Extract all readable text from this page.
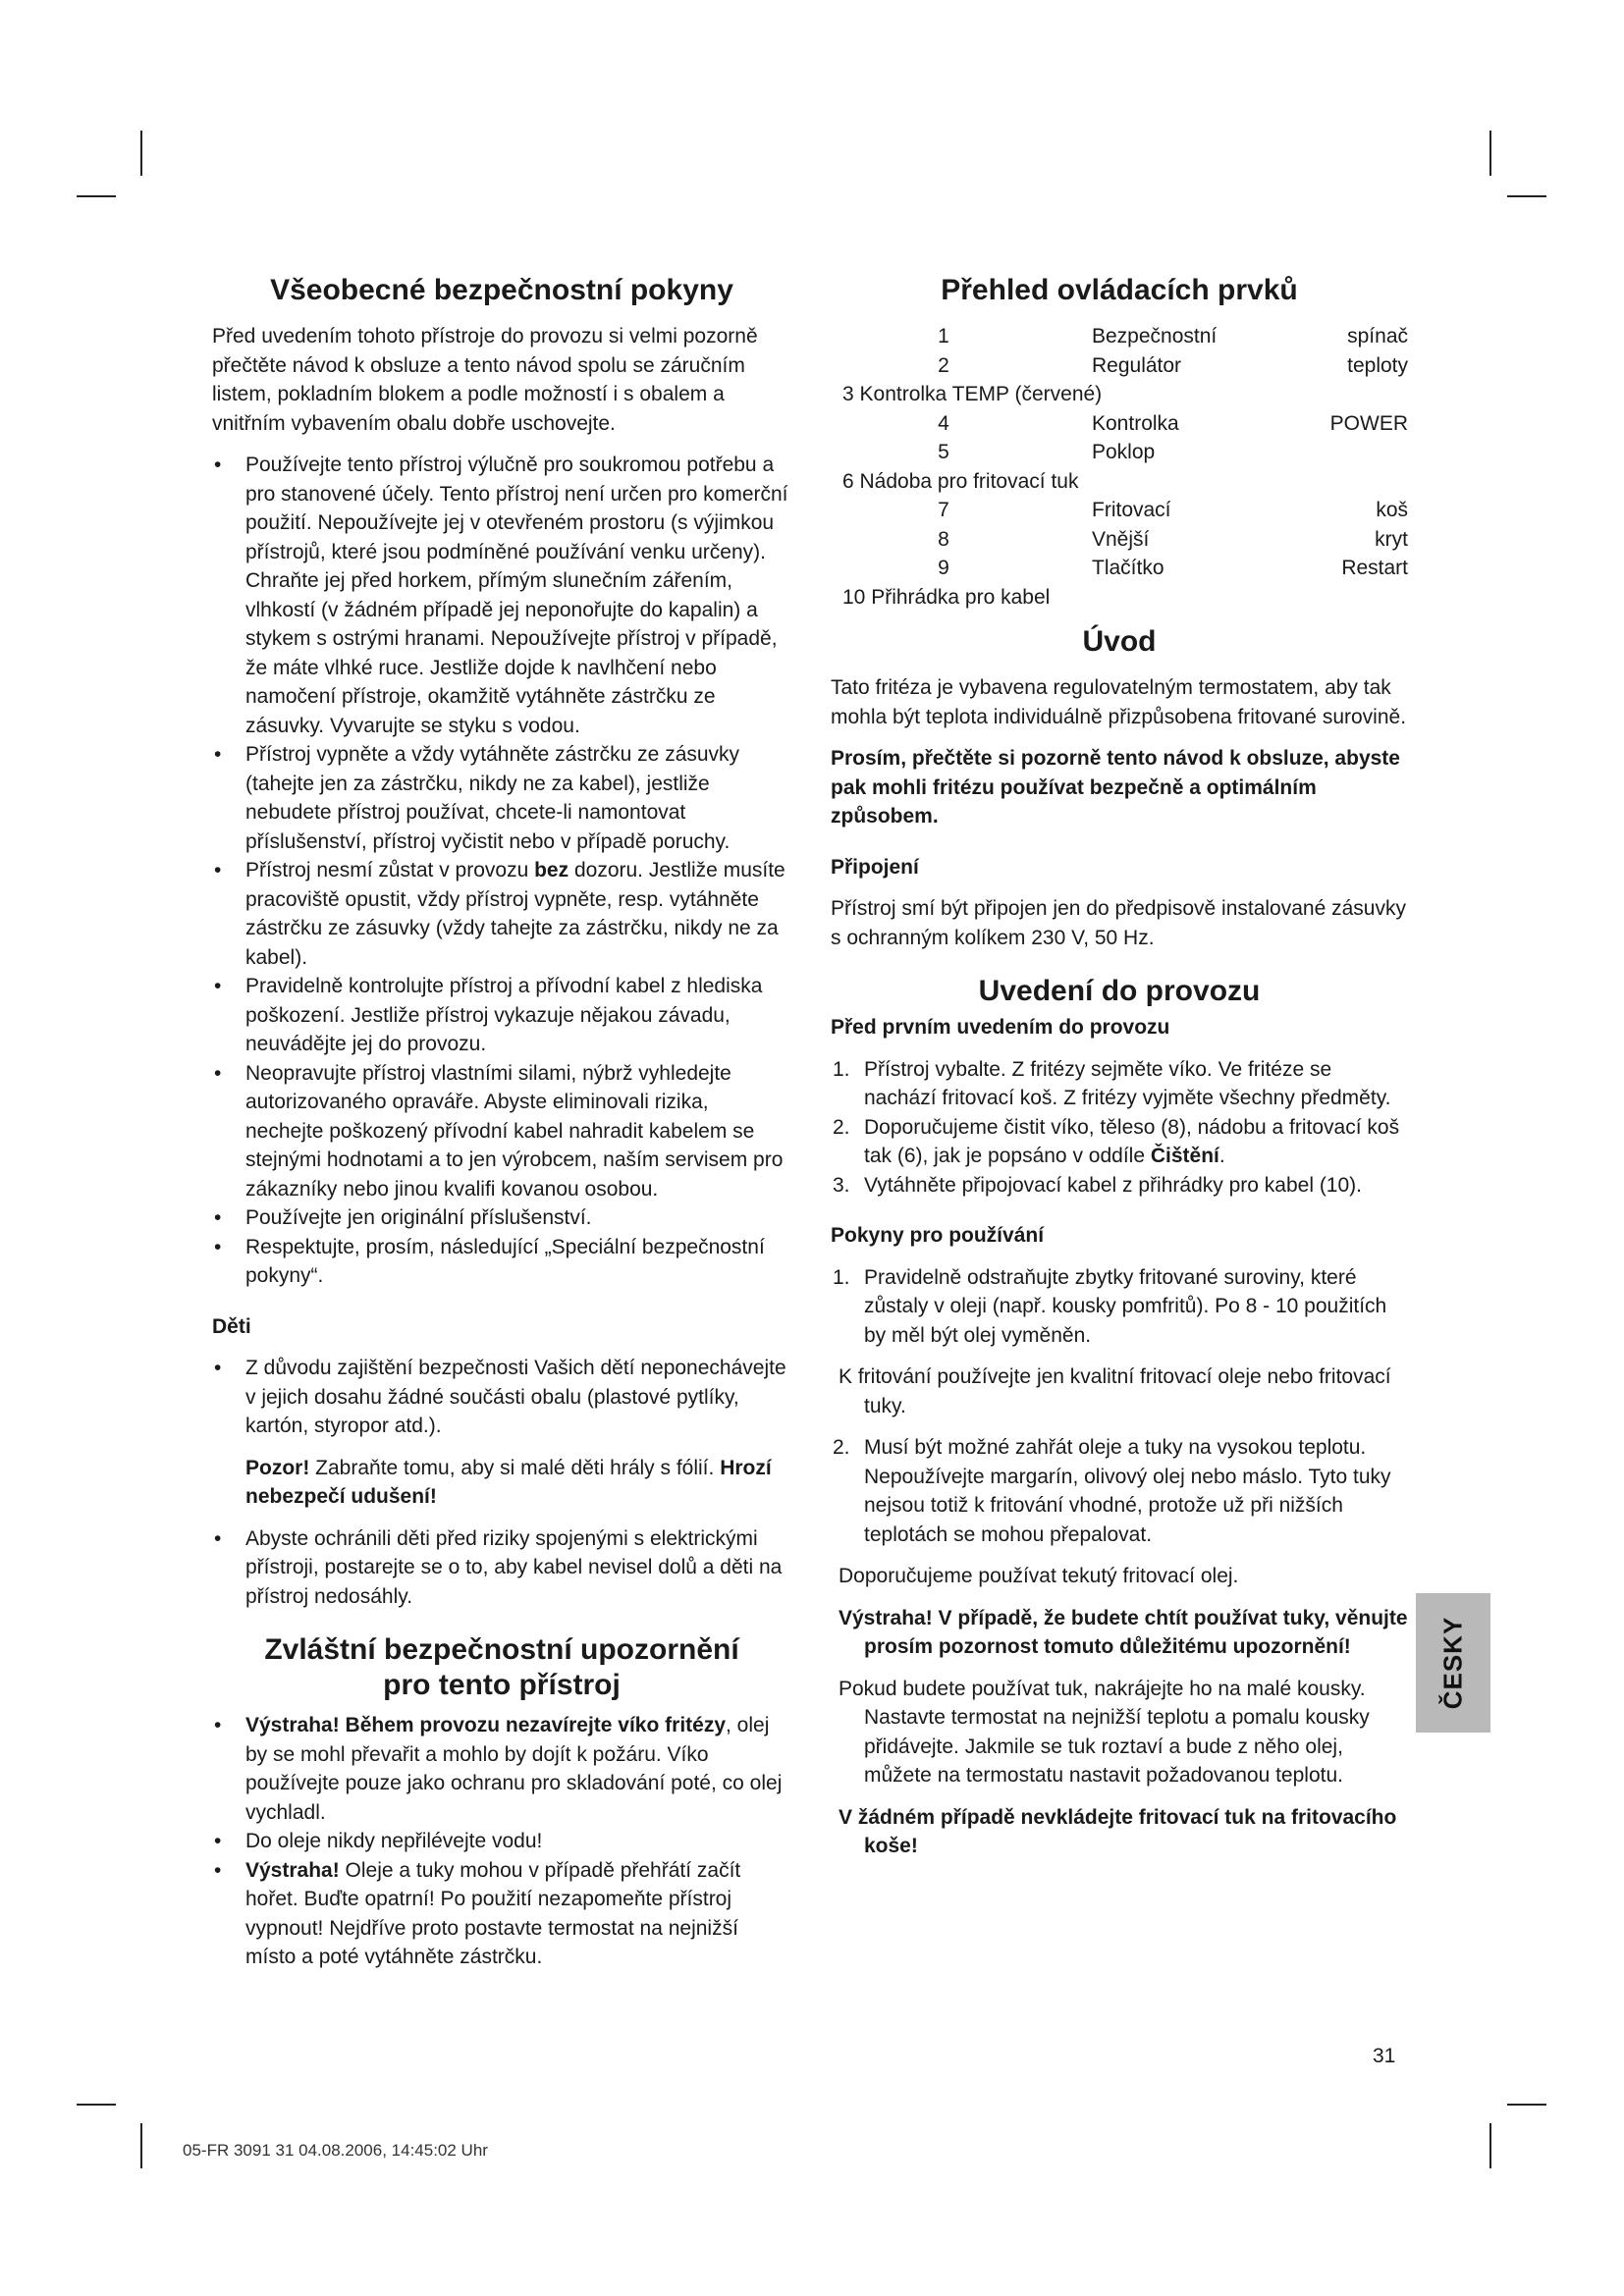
Všeobecné bezpečnostní pokyny

Před uvedením tohoto přístroje do provozu si velmi pozorně přečtěte návod k obsluze a tento návod spolu se záručním listem, pokladním blokem a podle možností i s obalem a vnitřním vybavením obalu dobře uschovejte.

• Používejte tento přístroj výlučně pro soukromou potřebu a pro stanovené účely. Tento přístroj není určen pro komerční použití. Nepoužívejte jej v otevřeném prostoru (s výjimkou přístrojů, které jsou podmíněné používání venku určeny). Chraňte jej před horkem, přímým slunečním zářením, vlhkostí (v žádném případě jej neponořujte do kapalin) a stykem s ostrými hranami. Nepoužívejte přístroj v případě, že máte vlhké ruce. Jestliže dojde k navlhčení nebo namočení přístroje, okamžitě vytáhněte zástrčku ze zásuvky. Vyvarujte se styku s vodou.
• Přístroj vypněte a vždy vytáhněte zástrčku ze zásuvky (tahejte jen za zástrčku, nikdy ne za kabel), jestliže nebudete přístroj používat, chcete-li namontovat příslušenství, přístroj vyčistit nebo v případě poruchy.
• Přístroj nesmí zůstat v provozu bez dozoru. Jestliže musíte pracoviště opustit, vždy přístroj vypněte, resp. vytáhněte zástrčku ze zásuvky (vždy tahejte za zástrčku, nikdy ne za kabel).
• Pravidelně kontrolujte přístroj a přívodní kabel z hlediska poškození. Jestliže přístroj vykazuje nějakou závadu, neuvádějte jej do provozu.
• Neopravujte přístroj vlastními silami, nýbrž vyhledejte autorizovaného opraváře. Abyste eliminovali rizika, nechejte poškozený přívodní kabel nahradit kabelem se stejnými hodnotami a to jen výrobcem, naším servisem pro zákazníky nebo jinou kvalifi kovanou osobou.
• Používejte jen originální příslušenství.
• Respektujte, prosím, následující „Speciální bezpečnostní pokyny“.
Děti
• Z důvodu zajištění bezpečnosti Vašich dětí neponechávejte v jejich dosahu žádné součásti obalu (plastové pytlíky, kartón, styropor atd.).

Pozor! Zabraňte tomu, aby si malé děti hrály s fólií. Hrozí nebezpečí udušení!

• Abyste ochránili děti před riziky spojenými s elektrickými přístroji, postarejte se o to, aby kabel nevisel dolů a děti na přístroj nedosáhly.
Zvláštní bezpečnostní upozornění
pro tento přístroj
• Výstraha! Během provozu nezavírejte víko fritézy, olej by se mohl převařit a mohlo by dojít k požáru. Víko používejte pouze jako ochranu pro skladování poté, co olej vychladl.
• Do oleje nikdy nepřilévejte vodu!
• Výstraha! Oleje a tuky mohou v případě přehřátí začít hořet. Buďte opatrní! Po použití nezapomeňte přístroj vypnout! Nejdříve proto postavte termostat na nejnižší místo a poté vytáhněte zástrčku.
Přehled ovládacích prvků
1	Bezpečnostní	spínač
2	Regulátor	teploty
3 Kontrolka TEMP (červené)		
4	Kontrolka	POWER
5	Poklop	
6 Nádoba pro fritovací tuk		
7	Fritovací	koš
8	Vnější	kryt
9	Tlačítko	Restart
10 Přihrádka pro kabel		
Úvod

Tato fritéza je vybavena regulovatelným termostatem, aby tak mohla být teplota individuálně přizpůsobena fritované surovině.

Prosím, přečtěte si pozorně tento návod k obsluze, abyste pak mohli fritézu používat bezpečně a optimálním způsobem.

Připojení

Přístroj smí být připojen jen do předpisově instalované zásuvky s ochranným kolíkem 230 V, 50 Hz.

Uvedení do provozu
Před prvním uvedením do provozu
1. Přístroj vybalte. Z fritézy sejměte víko. Ve fritéze se nachází fritovací koš. Z fritézy vyjměte všechny předměty.
2. Doporučujeme čistit víko, těleso (8), nádobu a fritovací koš tak (6), jak je popsáno v oddíle Čištění.
3. Vytáhněte připojovací kabel z přihrádky pro kabel (10).
Pokyny pro používání
1. Pravidelně odstraňujte zbytky fritované suroviny, které zůstaly v oleji (např. kousky pomfritů). Po 8 - 10 použitích by měl být olej vyměněn.

K fritování používejte jen kvalitní fritovací oleje nebo fritovací tuky.

2. Musí být možné zahřát oleje a tuky na vysokou teplotu. Nepoužívejte margarín, olivový olej nebo máslo. Tyto tuky nejsou totiž k fritování vhodné, protože už při nižších teplotách se mohou přepalovat.

Doporučujeme používat tekutý fritovací olej.

Výstraha! V případě, že budete chtít používat tuky, věnujte prosím pozornost tomuto důležitému upozornění!

Pokud budete používat tuk, nakrájejte ho na malé kousky. Nastavte termostat na nejnižší teplotu a pomalu kousky přidávejte. Jakmile se tuk roztaví a bude z něho olej, můžete na termostatu nastavit požadovanou teplotu.

V žádném případě nevkládejte fritovací tuk na fritovacího koše!

ČESKY
31
05-FR 3091 31 04.08.2006, 14:45:02 Uhr
